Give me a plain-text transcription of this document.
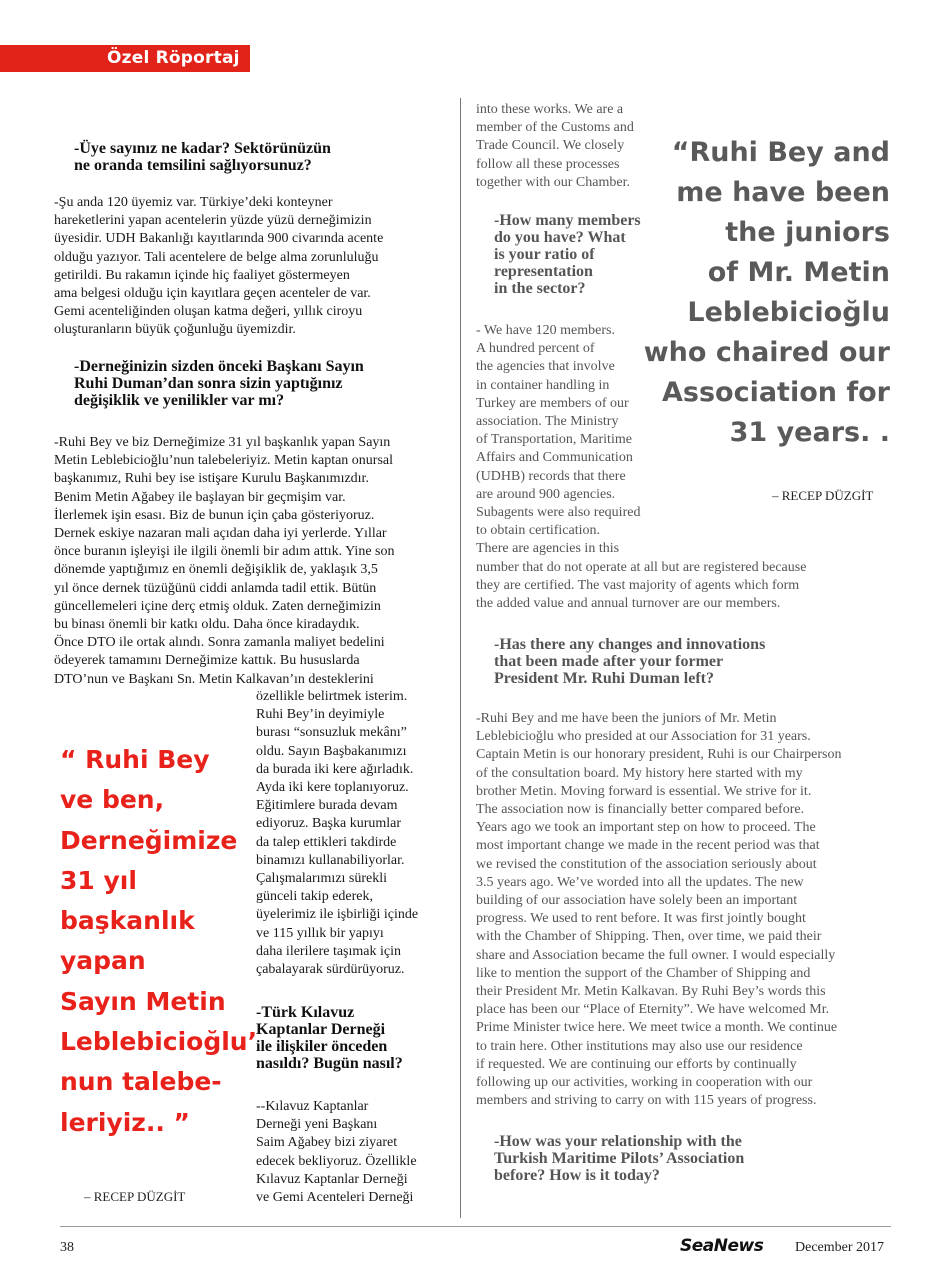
Özel Röportaj
-Üye sayınız ne kadar? Sektörünüzün
ne oranda temsilini sağlıyorsunuz?
-Şu anda 120 üyemiz var. Türkiye’deki konteyner
hareketlerini yapan acentelerin yüzde yüzü derneğimizin
üyesidir. UDH Bakanlığı kayıtlarında 900 civarında acente
olduğu yazıyor. Tali acentelere de belge alma zorunluluğu
getirildi. Bu rakamın içinde hiç faaliyet göstermeyen
ama belgesi olduğu için kayıtlara geçen acenteler de var.
Gemi acenteliğinden oluşan katma değeri, yıllık ciroyu
oluşturanların büyük çoğunluğu üyemizdir.
-Derneğinizin sizden önceki Başkanı Sayın
Ruhi Duman’dan sonra sizin yaptığınız
değişiklik ve yenilikler var mı?
-Ruhi Bey ve biz Derneğimize 31 yıl başkanlık yapan Sayın
Metin Leblebicioğlu’nun talebeleriyiz. Metin kaptan onursal
başkanımız, Ruhi bey ise istişare Kurulu Başkanımızdır.
Benim Metin Ağabey ile başlayan bir geçmişim var.
İlerlemek işin esası. Biz de bunun için çaba gösteriyoruz.
Dernek eskiye nazaran mali açıdan daha iyi yerlerde. Yıllar
önce buranın işleyişi ile ilgili önemli bir adım attık. Yine son
dönemde yaptığımız en önemli değişiklik de, yaklaşık 3,5
yıl önce dernek tüzüğünü ciddi anlamda tadil ettik. Bütün
güncellemeleri içine derç etmiş olduk. Zaten derneğimizin
bu binası önemli bir katkı oldu. Daha önce kiradaydık.
Önce DTO ile ortak alındı. Sonra zamanla maliyet bedelini
ödeyerek tamamını Derneğimize kattık. Bu hususlarda
DTO’nun ve Başkanı Sn. Metin Kalkavan’ın desteklerini
özellikle belirtmek isterim.
Ruhi Bey’in deyimiyle
burası “sonsuzluk mekânı”
oldu. Sayın Başbakanımızı
da burada iki kere ağırladık.
Ayda iki kere toplanıyoruz.
Eğitimlere burada devam
ediyoruz. Başka kurumlar
da talep ettikleri takdirde
binamızı kullanabiliyorlar.
Çalışmalarımızı sürekli
günceli takip ederek,
üyelerimiz ile işbirliği içinde
ve 115 yıllık bir yapıyı
daha ilerilere taşımak için
çabalayarak sürdürüyoruz.
-Türk Kılavuz
Kaptanlar Derneği
ile ilişkiler önceden
nasıldı? Bugün nasıl?
--Kılavuz Kaptanlar
Derneği yeni Başkanı
Saim Ağabey bizi ziyaret
edecek bekliyoruz. Özellikle
Kılavuz Kaptanlar Derneği
ve Gemi Acenteleri Derneği
“ Ruhi Bey
ve ben,
Derneğimize
31 yıl
başkanlık
yapan
Sayın Metin
Leblebicioğlu’
nun talebe-
leriyiz.. ”
– RECEP DÜZGİT
into these works. We are a
member of the Customs and
Trade Council. We closely
follow all these processes
together with our Chamber.
-How many members
do you have? What
is your ratio of
representation
in the sector?
- We have 120 members.
A hundred percent of
the agencies that involve
in container handling in
Turkey are members of our
association. The Ministry
of Transportation, Maritime
Affairs and Communication
(UDHB) records that there
are around 900 agencies.
Subagents were also required
to obtain certification.
There are agencies in this
number that do not operate at all but are registered because
they are certified. The vast majority of agents which form
the added value and annual turnover are our members.
-Has there any changes and innovations
that been made after your former
President Mr. Ruhi Duman left?
-Ruhi Bey and me have been the juniors of Mr. Metin
Leblebicioğlu who presided at our Association for 31 years.
Captain Metin is our honorary president, Ruhi is our Chairperson
of the consultation board. My history here started with my
brother Metin. Moving forward is essential. We strive for it.
The association now is financially better compared before.
Years ago we took an important step on how to proceed. The
most important change we made in the recent period was that
we revised the constitution of the association seriously about
3.5 years ago. We’ve worded into all the updates. The new
building of our association have solely been an important
progress. We used to rent before. It was first jointly bought
with the Chamber of Shipping. Then, over time, we paid their
share and Association became the full owner. I would especially
like to mention the support of the Chamber of Shipping and
their President Mr. Metin Kalkavan. By Ruhi Bey’s words this
place has been our “Place of Eternity”. We have welcomed Mr.
Prime Minister twice here. We meet twice a month. We continue
to train here. Other institutions may also use our residence
if requested. We are continuing our efforts by continually
following up our activities, working in cooperation with our
members and striving to carry on with 115 years of progress.
-How was your relationship with the
Turkish Maritime Pilots’ Association
before? How is it today?
“Ruhi Bey and
me have been
the juniors
of Mr. Metin
Leblebicioğlu
who chaired our
Association for
31 years. .
– RECEP DÜZGİT
38	SeaNews December 2017
